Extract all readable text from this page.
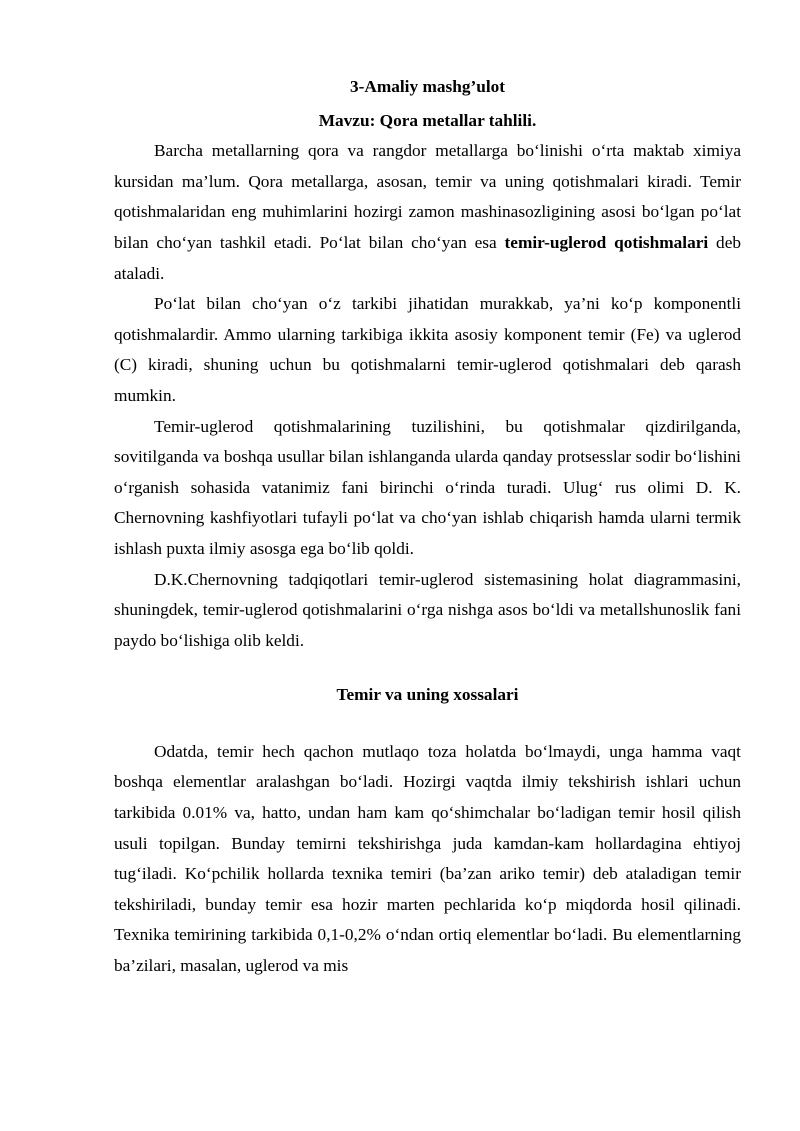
3-Amaliy mashg’ulot
Mavzu: Qora metallar tahlili.

Barcha metallarning qora va rangdor metallarga bo‘linishi o‘rta maktab ximiya kursidan ma’lum. Qora metallarga, asosan, temir va uning qotishmalari kiradi. Temir qotishmalaridan eng muhimlarini hozirgi zamon mashinasozligining asosi bo‘lgan po‘lat bilan cho‘yan tashkil etadi. Po‘lat bilan cho‘yan esa temir-uglerod qotishmalari deb ataladi.

Po‘lat bilan cho‘yan o‘z tarkibi jihatidan murakkab, ya’ni ko‘p komponentli qotishmalardir. Ammo ularning tarkibiga ikkita asosiy komponent temir (Fe) va uglerod (C) kiradi, shuning uchun bu qotishmalarni temir-uglerod qotishmalari deb qarash mumkin.

Temir-uglerod qotishmalarining tuzilishini, bu qotishmalar qizdirilganda, sovitilganda va boshqa usullar bilan ishlanganda ularda qanday protsesslar sodir bo‘lishini o‘rganish sohasida vatanimiz fani birinchi o‘rinda turadi. Ulug‘ rus olimi D. K. Chernovning kashfiyotlari tufayli po‘lat va cho‘yan ishlab chiqarish hamda ularni termik ishlash puxta ilmiy asosga ega bo‘lib qoldi.

D.K.Chernovning tadqiqotlari temir-uglerod sistemasining holat diagrammasini, shuningdek, temir-uglerod qotishmalarini o‘rga nishga asos bo‘ldi va metallshunoslik fani paydo bo‘lishiga olib keldi.

Temir va uning xossalari

Odatda, temir hech qachon mutlaqo toza holatda bo‘lmaydi, unga hamma vaqt boshqa elementlar aralashgan bo‘ladi. Hozirgi vaqtda ilmiy tekshirish ishlari uchun tarkibida 0.01% va, hatto, undan ham kam qo‘shimchalar bo‘ladigan temir hosil qilish usuli topilgan. Bunday temirni tekshirishga juda kamdan-kam hollardagina ehtiyoj tug‘iladi. Ko‘pchilik hollarda texnika temiri (ba’zan ariko temir) deb ataladigan temir tekshiriladi, bunday temir esa hozir marten pechlarida ko‘p miqdorda hosil qilinadi. Texnika temirining tarkibida 0,1-0,2% o‘ndan ortiq elementlar bo‘ladi. Bu elementlarning ba’zilari, masalan, uglerod va mis
